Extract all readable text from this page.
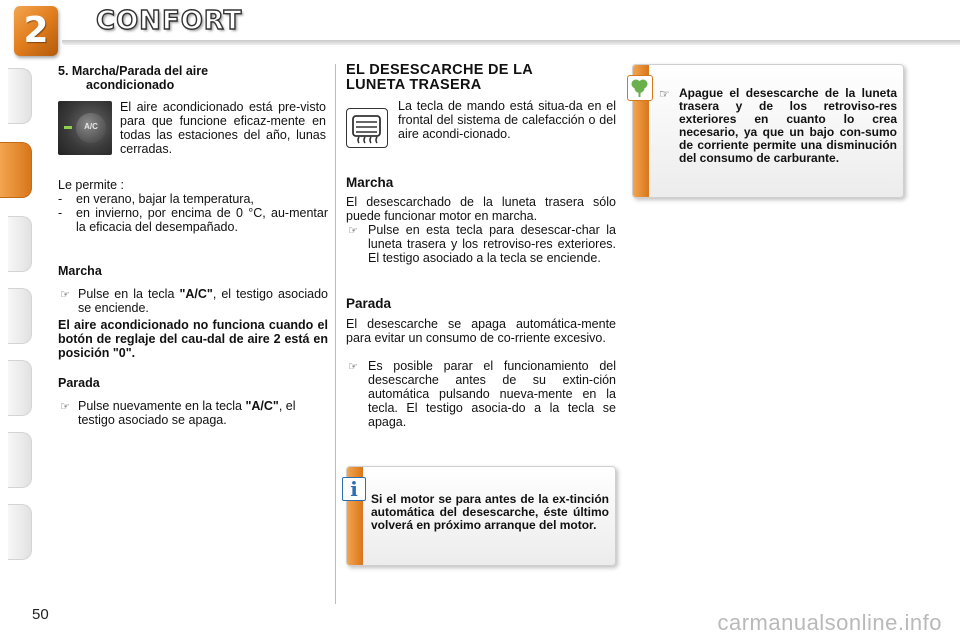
2	CONFORT
5. Marcha/Parada del aire
acondicionado
A/C
El aire acondicionado está pre-visto para que funcione eficaz-mente en todas las estaciones del año, lunas cerradas.
Le permite :
- en verano, bajar la temperatura,
- en invierno, por encima de 0 °C, au-mentar la eficacia del desempañado.
Marcha
☞ Pulse en la tecla "A/C", el testigo asociado se enciende.
El aire acondicionado no funciona cuando el botón de reglaje del cau-dal de aire 2 está en posición "0".
Parada
☞ Pulse nuevamente en la tecla "A/C", el testigo asociado se apaga.
EL DESESCARCHE DE LA
LUNETA TRASERA
La tecla de mando está situa-da en el frontal del sistema de calefacción o del aire acondi-cionado.
Marcha
El desescarchado de la luneta trasera sólo puede funcionar motor en marcha.
☞ Pulse en esta tecla para desescar-char la luneta trasera y los retroviso-res exteriores. El testigo asociado a la tecla se enciende.
Parada
El desescarche se apaga automática-mente para evitar un consumo de co-rriente excesivo.
☞ Es posible parar el funcionamiento del desescarche antes de su extin-ción automática pulsando nueva-mente en la tecla. El testigo asocia-do a la tecla se apaga.
Si el motor se para antes de la ex-tinción automática del desescarche, éste último volverá en próximo arranque del motor.
i
☞ Apague el desescarche de la luneta trasera y de los retroviso-res exteriores en cuanto lo crea necesario, ya que un bajo con-sumo de corriente permite una disminución del consumo de carburante.
50	carmanualsonline.info
